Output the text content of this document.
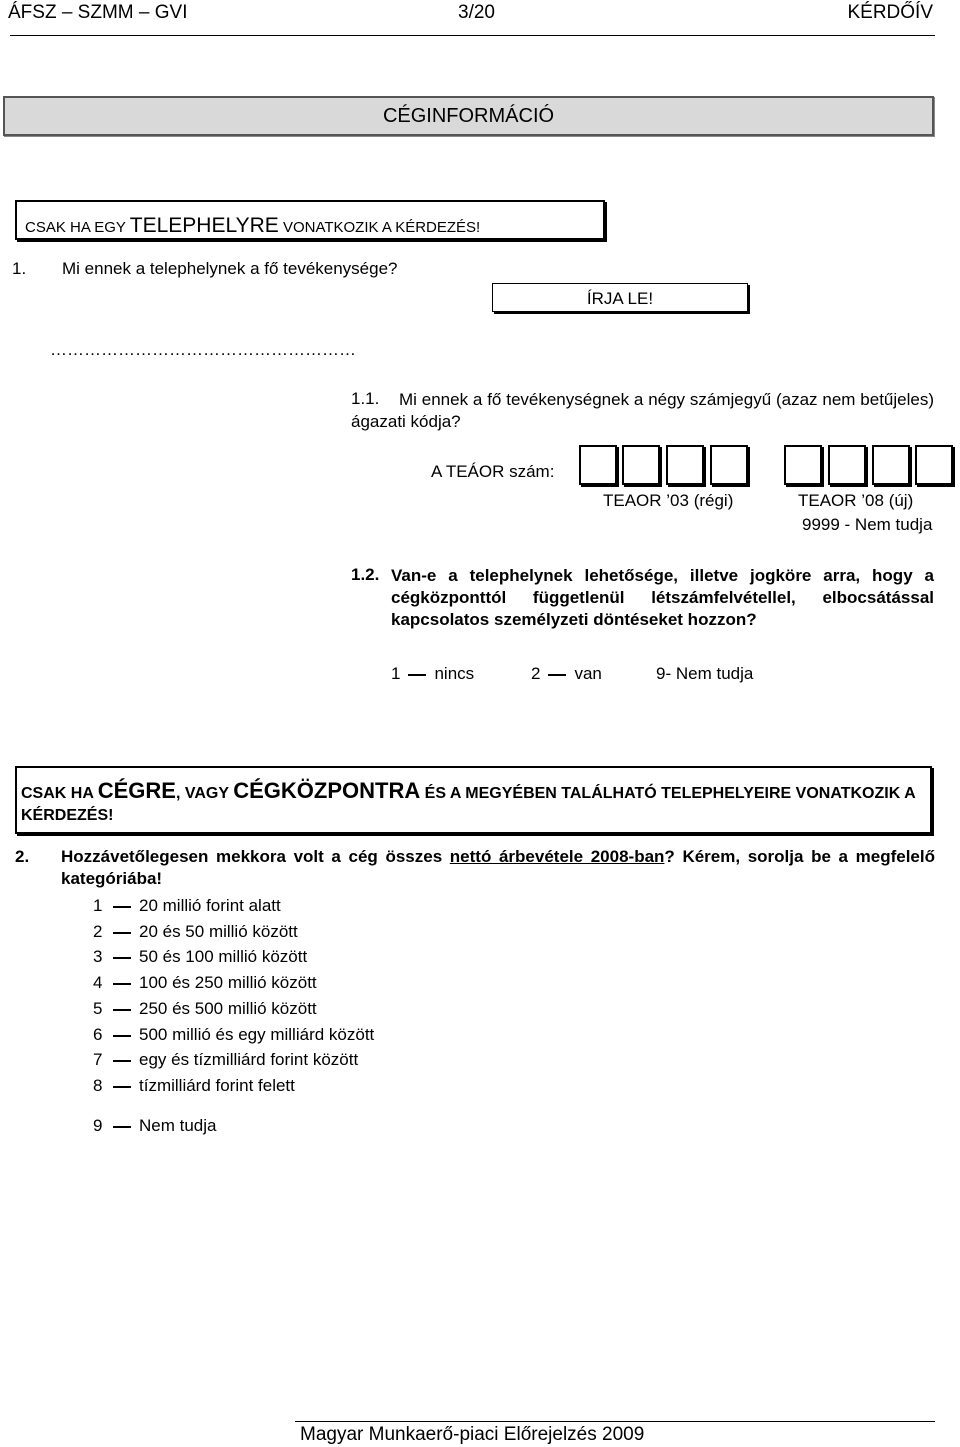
ÁFSZ – SZMM – GVI	3/20	KÉRDŐÍV
CÉGINFORMÁCIÓ
CSAK HA EGY TELEPHELYRE VONATKOZIK A KÉRDEZÉS!
1. Mi ennek a telephelynek a fő tevékenysége?
ÍRJA LE!
………………………………………………
1.1.	Mi ennek a fő tevékenységnek a négy számjegyű (azaz nem betűjeles) ágazati kódja?
A TEÁOR szám:
TEAOR ’03 (régi)	TEAOR ’08 (új)
9999 - Nem tudja
1.2. Van-e a telephelynek lehetősége, illetve jogköre arra, hogy a cégközponttól függetlenül létszámfelvétellel, elbocsátással kapcsolatos személyzeti döntéseket hozzon?
1 nincs	2 van	9- Nem tudja
CSAK HA CÉGRE, VAGY CÉGKÖZPONTRA ÉS A MEGYÉBEN TALÁLHATÓ TELEPHELYEIRE VONATKOZIK A KÉRDEZÉS!
2. Hozzávetőlegesen mekkora volt a cég összes nettó árbevétele 2008-ban? Kérem, sorolja be a megfelelő kategóriába!
1 20 millió forint alatt
2 20 és 50 millió között
3 50 és 100 millió között
4 100 és 250 millió között
5 250 és 500 millió között
6 500 millió és egy milliárd között
7 egy és tízmilliárd forint között
8 tízmilliárd forint felett
9 Nem tudja
Magyar Munkaerő-piaci Előrejelzés 2009
